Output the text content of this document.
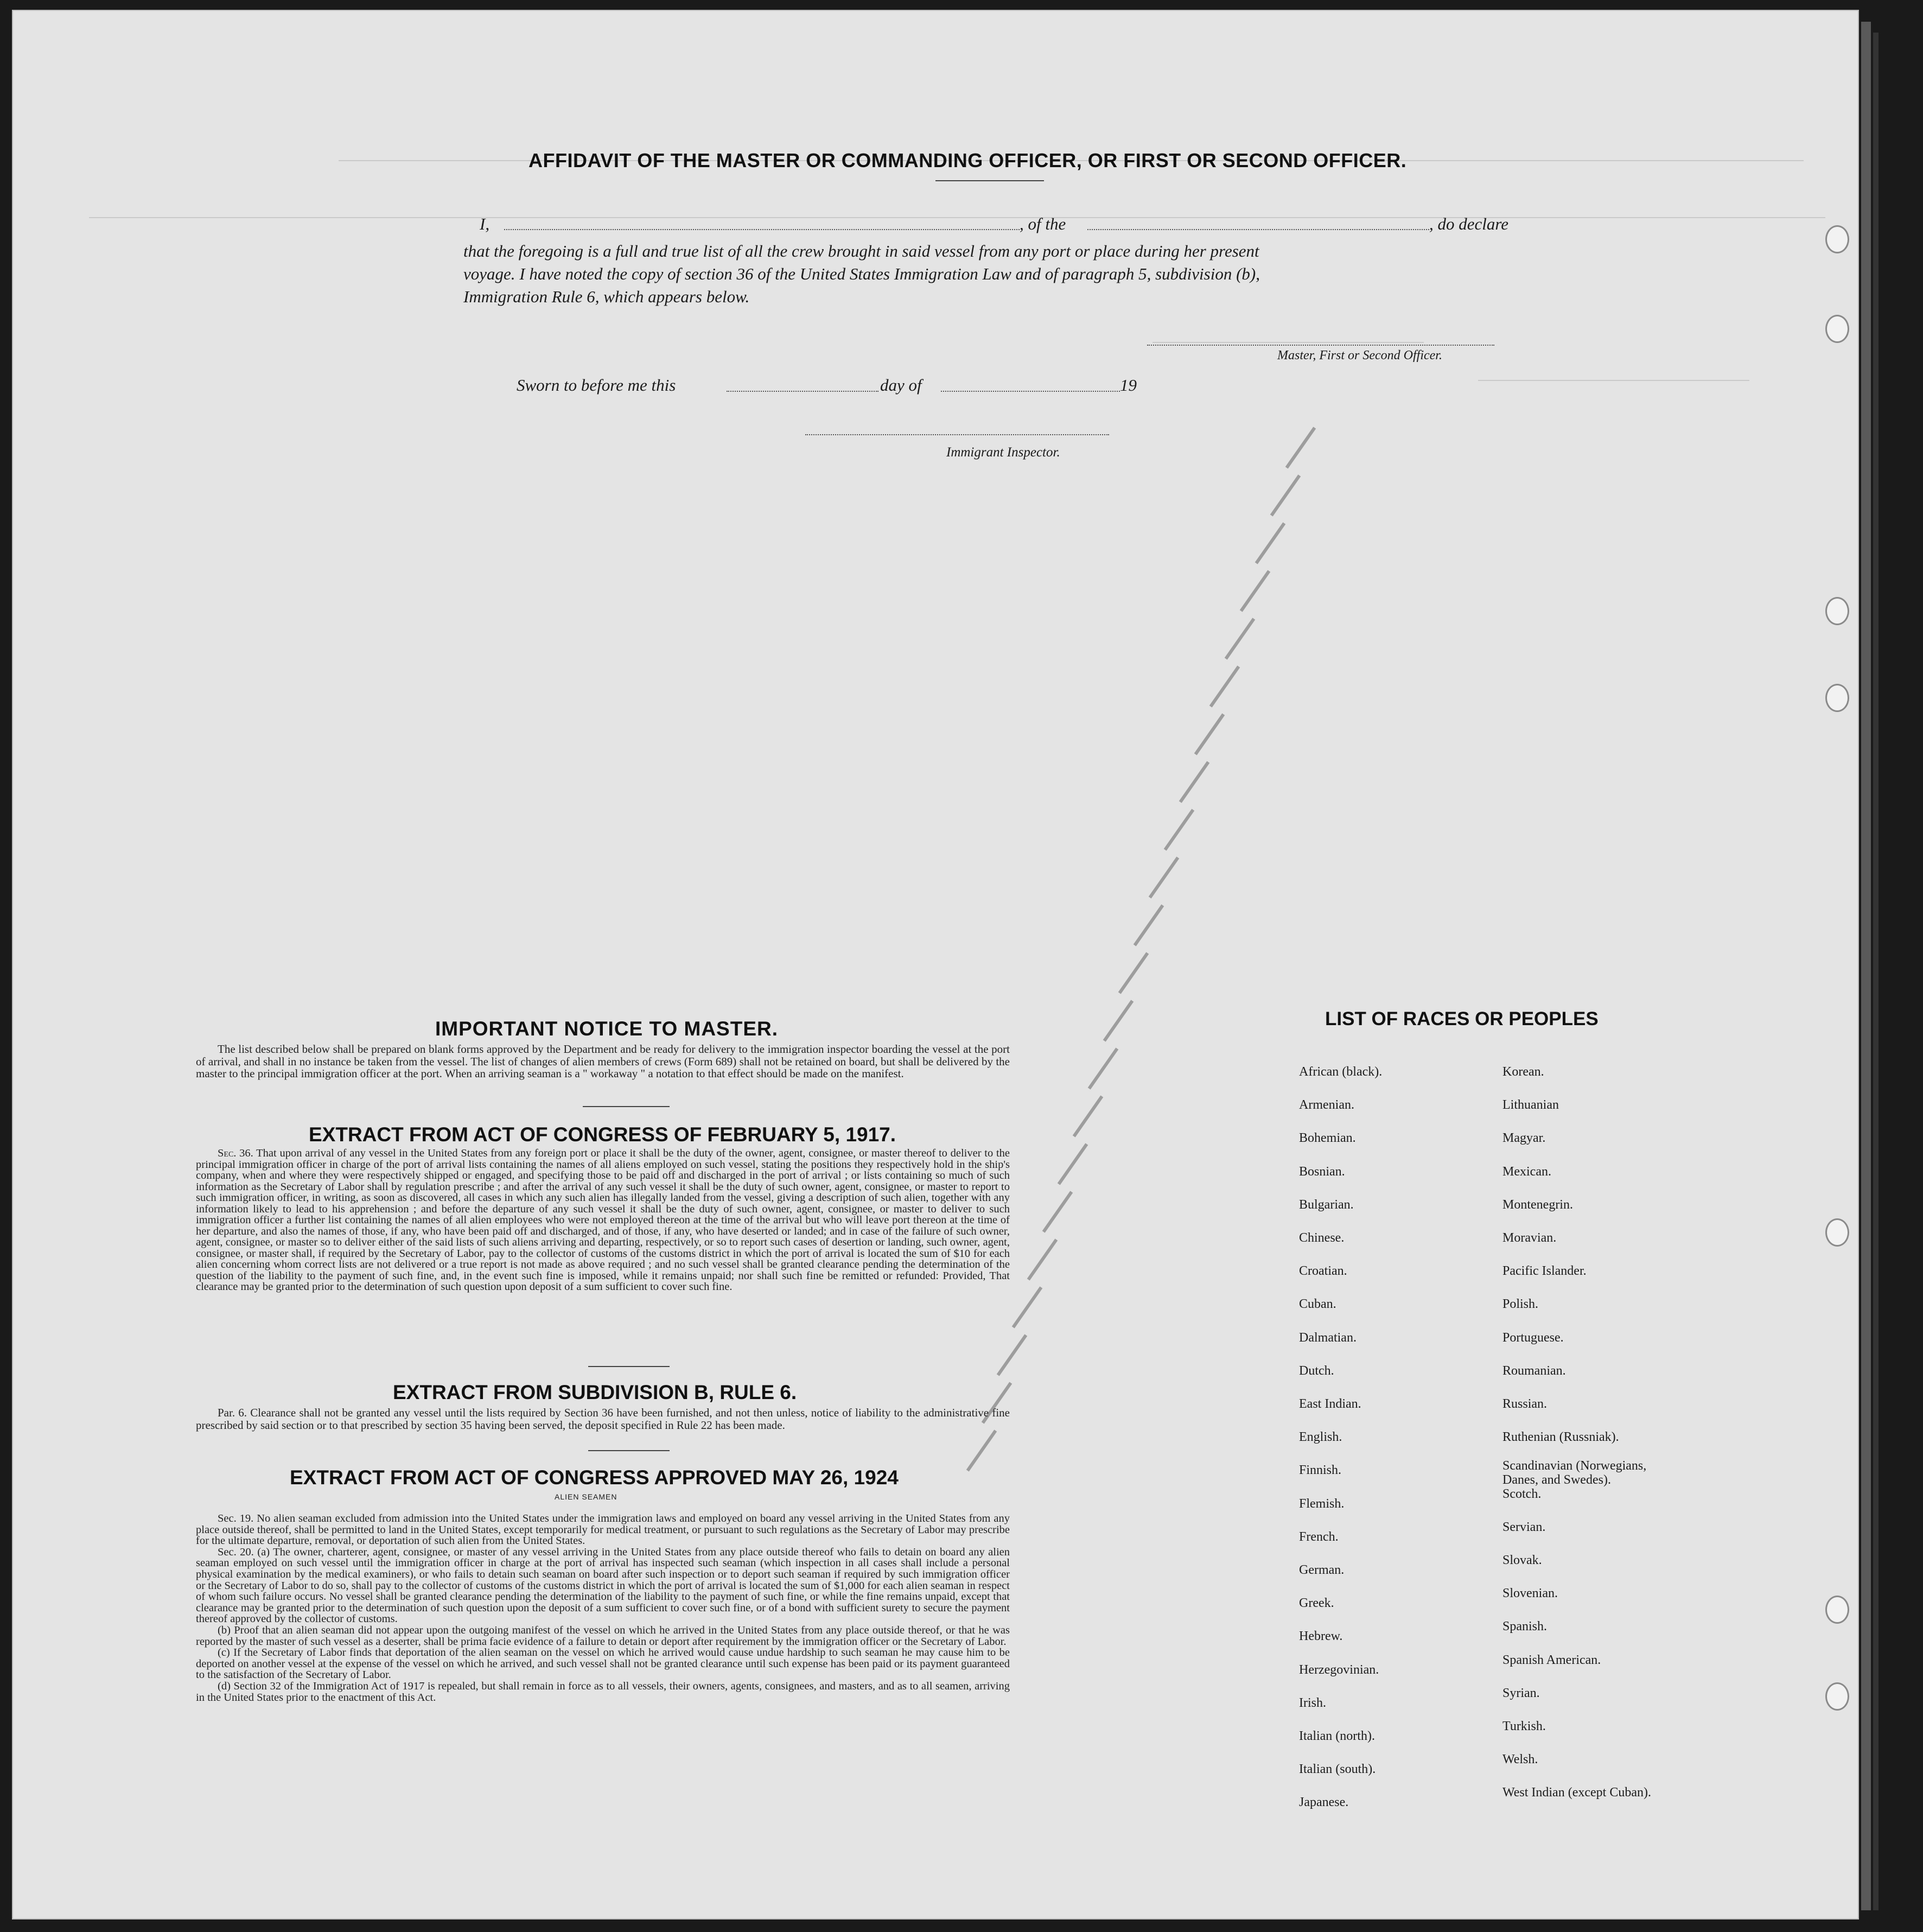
AFFIDAVIT OF THE MASTER OR COMMANDING OFFICER, OR FIRST OR SECOND OFFICER.
I,	, of the	, do declare
that the foregoing is a full and true list of all the crew brought in said vessel from any port or place during her present
voyage. I have noted the copy of section 36 of the United States Immigration Law and of paragraph 5, subdivision (b),
Immigration Rule 6, which appears below.
Master, First or Second Officer.
Sworn to before me this	day of	19
Immigrant Inspector.
IMPORTANT NOTICE TO MASTER.

The list described below shall be prepared on blank forms approved by the Department and be ready for delivery to the immigration inspector boarding the vessel at the port of arrival, and shall in no instance be taken from the vessel. The list of changes of alien members of crews (Form 689) shall not be retained on board, but shall be delivered by the master to the principal immigration officer at the port. When an arriving seaman is a " workaway " a notation to that effect should be made on the manifest.

EXTRACT FROM ACT OF CONGRESS OF FEBRUARY 5, 1917.

Sec. 36. That upon arrival of any vessel in the United States from any foreign port or place it shall be the duty of the owner, agent, consignee, or master thereof to deliver to the principal immigration officer in charge of the port of arrival lists containing the names of all aliens employed on such vessel, stating the positions they respectively hold in the ship's company, when and where they were respectively shipped or engaged, and specifying those to be paid off and discharged in the port of arrival ; or lists containing so much of such information as the Secretary of Labor shall by regulation prescribe ; and after the arrival of any such vessel it shall be the duty of such owner, agent, consignee, or master to report to such immigration officer, in writing, as soon as discovered, all cases in which any such alien has illegally landed from the vessel, giving a description of such alien, together with any information likely to lead to his apprehension ; and before the departure of any such vessel it shall be the duty of such owner, agent, consignee, or master to deliver to such immigration officer a further list containing the names of all alien employees who were not employed thereon at the time of the arrival but who will leave port thereon at the time of her departure, and also the names of those, if any, who have been paid off and discharged, and of those, if any, who have deserted or landed; and in case of the failure of such owner, agent, consignee, or master so to deliver either of the said lists of such aliens arriving and departing, respectively, or so to report such cases of desertion or landing, such owner, agent, consignee, or master shall, if required by the Secretary of Labor, pay to the collector of customs of the customs district in which the port of arrival is located the sum of $10 for each alien concerning whom correct lists are not delivered or a true report is not made as above required ; and no such vessel shall be granted clearance pending the determination of the question of the liability to the payment of such fine, and, in the event such fine is imposed, while it remains unpaid; nor shall such fine be remitted or refunded: Provided, That clearance may be granted prior to the determination of such question upon deposit of a sum sufficient to cover such fine.

EXTRACT FROM SUBDIVISION B, RULE 6.

Par. 6. Clearance shall not be granted any vessel until the lists required by Section 36 have been furnished, and not then unless, notice of liability to the administrative fine prescribed by said section or to that prescribed by section 35 having been served, the deposit specified in Rule 22 has been made.

EXTRACT FROM ACT OF CONGRESS APPROVED MAY 26, 1924
ALIEN SEAMEN

Sec. 19. No alien seaman excluded from admission into the United States under the immigration laws and employed on board any vessel arriving in the United States from any place outside thereof, shall be permitted to land in the United States, except temporarily for medical treatment, or pursuant to such regulations as the Secretary of Labor may prescribe for the ultimate departure, removal, or deportation of such alien from the United States.

Sec. 20. (a) The owner, charterer, agent, consignee, or master of any vessel arriving in the United States from any place outside thereof who fails to detain on board any alien seaman employed on such vessel until the immigration officer in charge at the port of arrival has inspected such seaman (which inspection in all cases shall include a personal physical examination by the medical examiners), or who fails to detain such seaman on board after such inspection or to deport such seaman if required by such immigration officer or the Secretary of Labor to do so, shall pay to the collector of customs of the customs district in which the port of arrival is located the sum of $1,000 for each alien seaman in respect of whom such failure occurs. No vessel shall be granted clearance pending the determination of the liability to the payment of such fine, or while the fine remains unpaid, except that clearance may be granted prior to the determination of such question upon the deposit of a sum sufficient to cover such fine, or of a bond with sufficient surety to secure the payment thereof approved by the collector of customs.

(b) Proof that an alien seaman did not appear upon the outgoing manifest of the vessel on which he arrived in the United States from any place outside thereof, or that he was reported by the master of such vessel as a deserter, shall be prima facie evidence of a failure to detain or deport after requirement by the immigration officer or the Secretary of Labor.

(c) If the Secretary of Labor finds that deportation of the alien seaman on the vessel on which he arrived would cause undue hardship to such seaman he may cause him to be deported on another vessel at the expense of the vessel on which he arrived, and such vessel shall not be granted clearance until such expense has been paid or its payment guaranteed to the satisfaction of the Secretary of Labor.

(d) Section 32 of the Immigration Act of 1917 is repealed, but shall remain in force as to all vessels, their owners, agents, consignees, and masters, and as to all seamen, arriving in the United States prior to the enactment of this Act.

LIST OF RACES OR PEOPLES
African (black).
Armenian.
Bohemian.
Bosnian.
Bulgarian.
Chinese.
Croatian.
Cuban.
Dalmatian.
Dutch.
East Indian.
English.
Finnish.
Flemish.
French.
German.
Greek.
Hebrew.
Herzegovinian.
Irish.
Italian (north).
Italian (south).
Japanese.
Korean.
Lithuanian
Magyar.
Mexican.
Montenegrin.
Moravian.
Pacific Islander.
Polish.
Portuguese.
Roumanian.
Russian.
Ruthenian (Russniak).
Scandinavian (Norwegians, Danes, and Swedes).
Scotch.
Servian.
Slovak.
Slovenian.
Spanish.
Spanish American.
Syrian.
Turkish.
Welsh.
West Indian (except Cuban).
